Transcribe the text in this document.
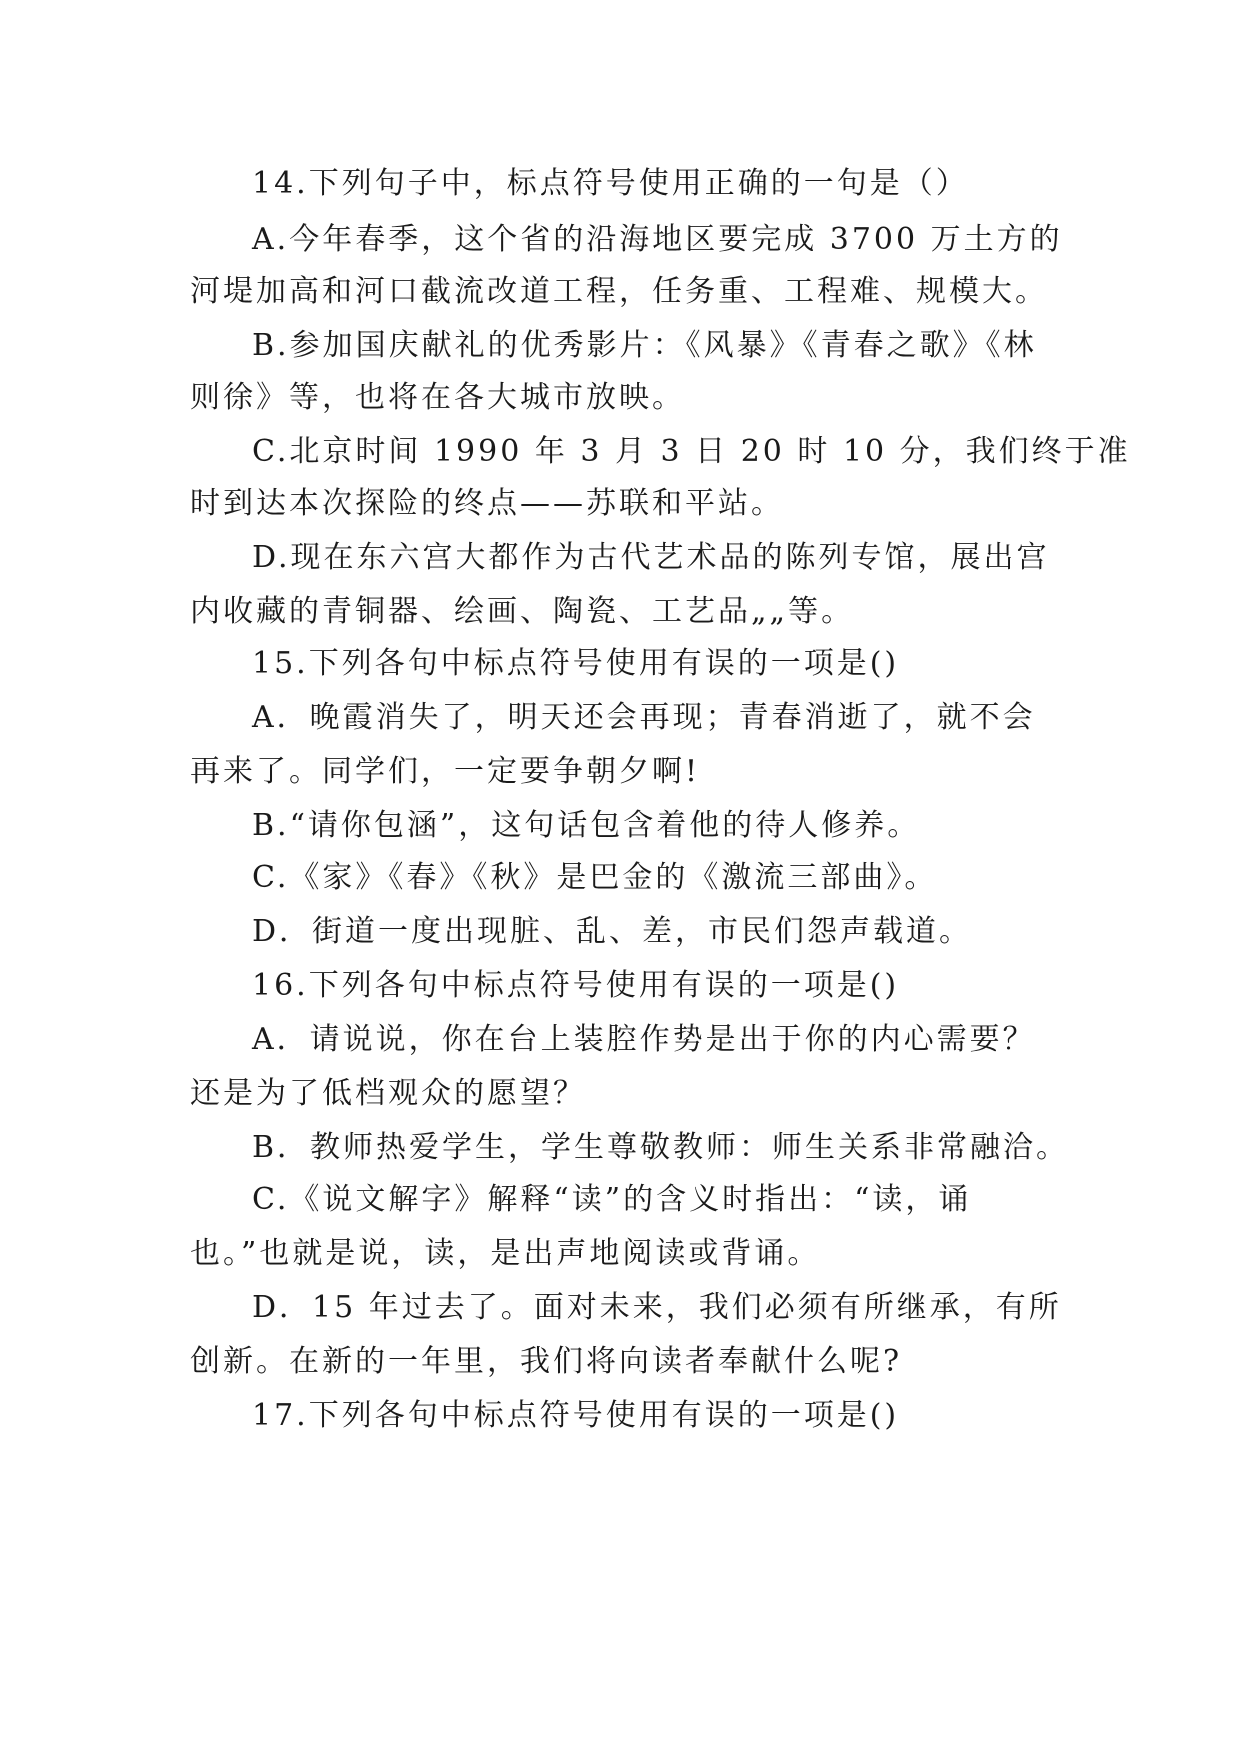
14.下列句子中，标点符号使用正确的一句是（）
A.今年春季，这个省的沿海地区要完成 3700 万土方的
河堤加高和河口截流改道工程，任务重、工程难、规模大。
B.参加国庆献礼的优秀影片：《风暴》《青春之歌》《林
则徐》等，也将在各大城市放映。
C.北京时间 1990 年 3 月 3 日 20 时 10 分，我们终于准
时到达本次探险的终点——苏联和平站。
D.现在东六宫大都作为古代艺术品的陈列专馆，展出宫
内收藏的青铜器、绘画、陶瓷、工艺品„„等。
15.下列各句中标点符号使用有误的一项是()
A．晚霞消失了，明天还会再现；青春消逝了，就不会
再来了。同学们，一定要争朝夕啊!
B.“请你包涵”，这句话包含着他的待人修养。
C.《家》《春》《秋》是巴金的《激流三部曲》。
D．街道一度出现脏、乱、差，市民们怨声载道。
16.下列各句中标点符号使用有误的一项是()
A．请说说，你在台上装腔作势是出于你的内心需要？
还是为了低档观众的愿望？
B．教师热爱学生，学生尊敬教师：师生关系非常融洽。
C.《说文解字》解释“读”的含义时指出：“读，诵
也。”也就是说，读，是出声地阅读或背诵。
D．15 年过去了。面对未来，我们必须有所继承，有所
创新。在新的一年里，我们将向读者奉献什么呢?
17.下列各句中标点符号使用有误的一项是()
